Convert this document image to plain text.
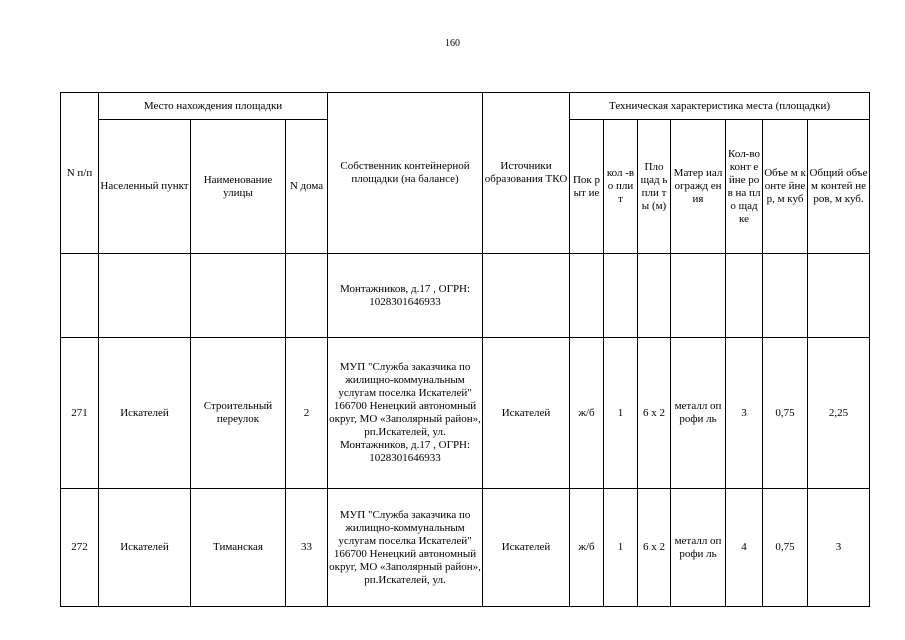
160
N п/п	Место нахождения площадки			Собственник контейнерной площадки (на балансе)	Источники образования ТКО	Техническая характеристика места (площадки)						
	Населенный пункт	Наименование улицы	N дома			Пок рыт ие	кол -во пли т	Пло щад ь пли ты (м)	Матер иал огражд ения	Кол-во конт ейне ров на пло щад ке	Объе м конте йнер, м куб	Общий объем контей неров, м куб.
				Монтажников, д.17 , ОГРН: 1028301646933								
271	Искателей	Строительный переулок	2	МУП "Служба заказчика по жилищно-коммунальным услугам поселка Искателей" 166700 Ненецкий автономный округ, МО «Заполярный район», рп.Искателей, ул. Монтажников, д.17 , ОГРН: 1028301646933	Искателей	ж/б	1	6 х 2	металл опрофи ль	3	0,75	2,25
272	Искателей	Тиманская	33	МУП "Служба заказчика по жилищно-коммунальным услугам поселка Искателей" 166700 Ненецкий автономный округ, МО «Заполярный район», рп.Искателей, ул.	Искателей	ж/б	1	6 х 2	металл опрофи ль	4	0,75	3
